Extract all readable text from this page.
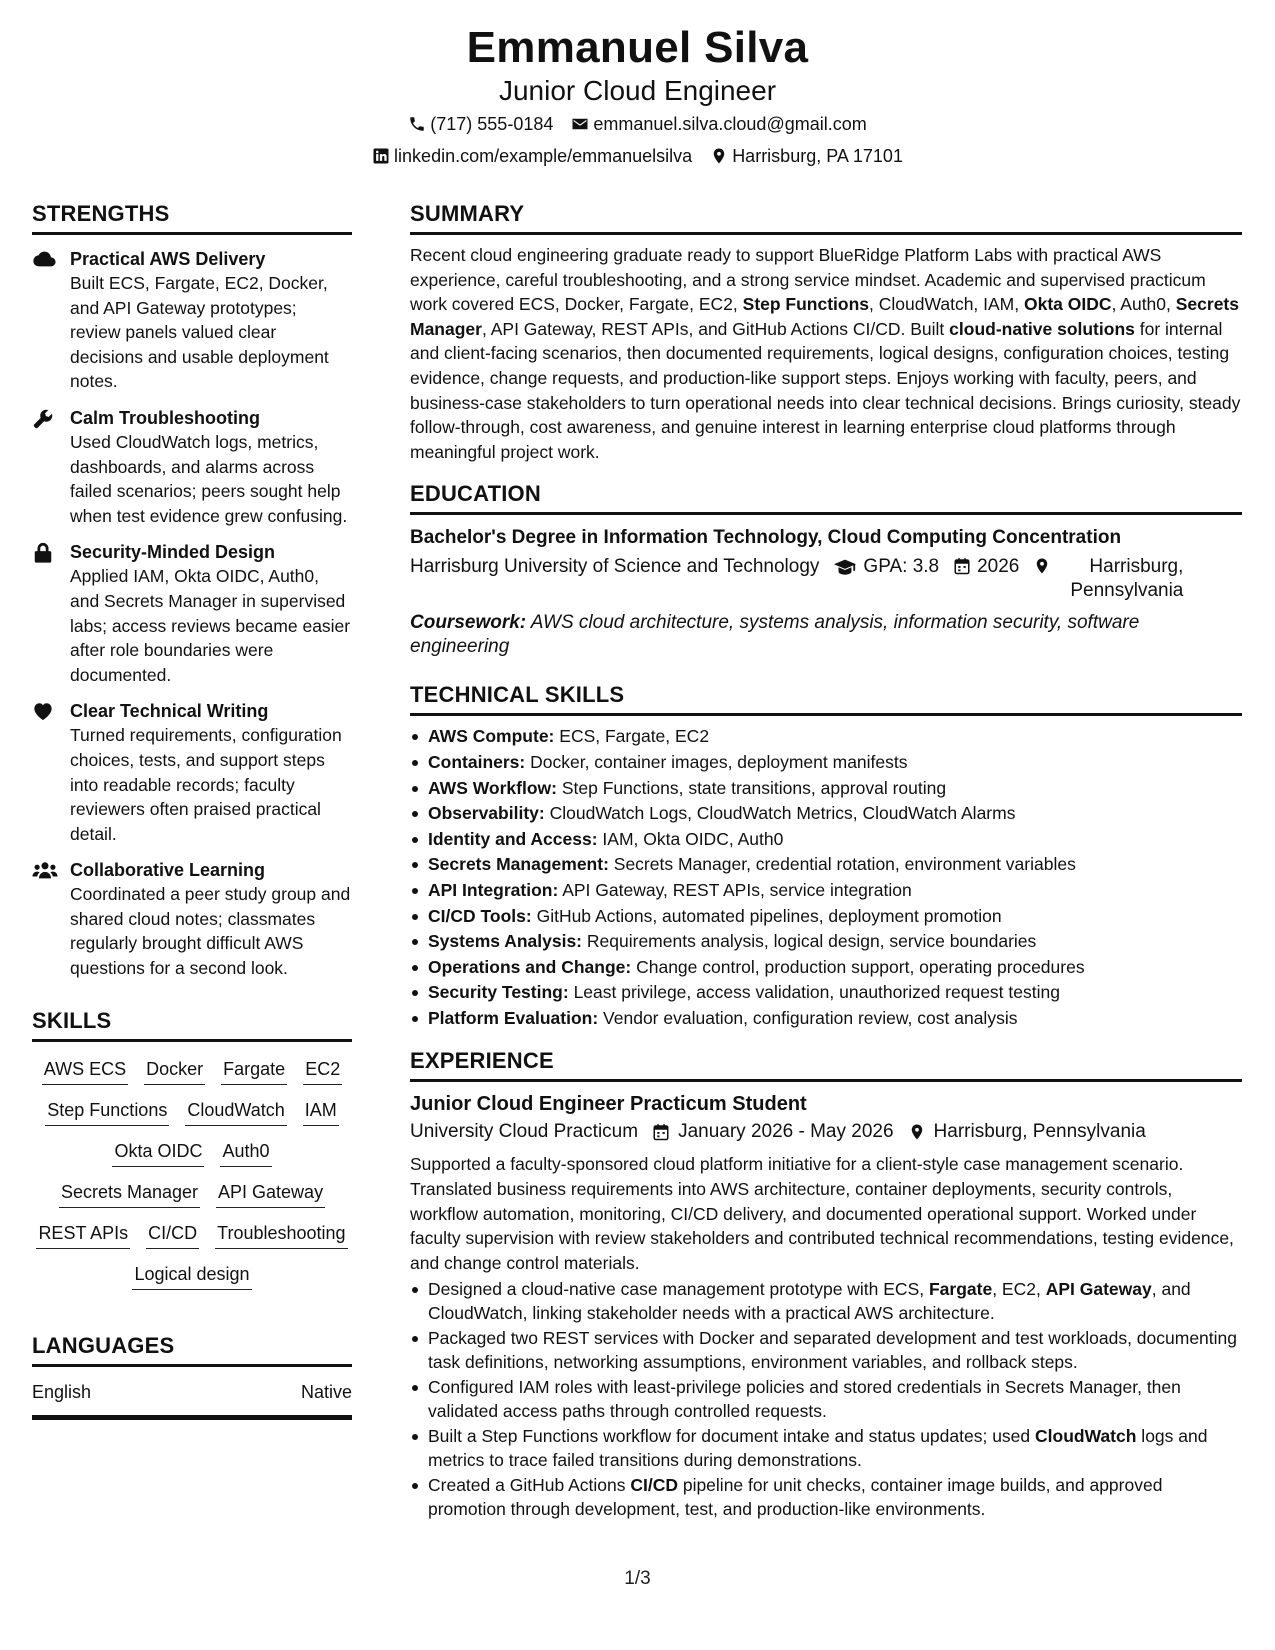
Emmanuel Silva
Junior Cloud Engineer
(717) 555-0184 emmanuel.silva.cloud@gmail.com
linkedin.com/example/emmanuelsilva Harrisburg, PA 17101
STRENGTHS
Practical AWS Delivery
Built ECS, Fargate, EC2, Docker, and API Gateway prototypes; review panels valued clear decisions and usable deployment notes.
Calm Troubleshooting
Used CloudWatch logs, metrics, dashboards, and alarms across failed scenarios; peers sought help when test evidence grew confusing.
Security-Minded Design
Applied IAM, Okta OIDC, Auth0, and Secrets Manager in supervised labs; access reviews became easier after role boundaries were documented.
Clear Technical Writing
Turned requirements, configuration choices, tests, and support steps into readable records; faculty reviewers often praised practical detail.
Collaborative Learning
Coordinated a peer study group and shared cloud notes; classmates regularly brought difficult AWS questions for a second look.
SKILLS
AWS ECS Docker Fargate EC2
Step Functions CloudWatch IAM
Okta OIDC Auth0
Secrets Manager API Gateway
REST APIs CI/CD Troubleshooting
Logical design
LANGUAGES
English	Native
SUMMARY
Recent cloud engineering graduate ready to support BlueRidge Platform Labs with practical AWS experience, careful troubleshooting, and a strong service mindset. Academic and supervised practicum work covered ECS, Docker, Fargate, EC2, Step Functions, CloudWatch, IAM, Okta OIDC, Auth0, Secrets Manager, API Gateway, REST APIs, and GitHub Actions CI/CD. Built cloud-native solutions for internal and client-facing scenarios, then documented requirements, logical designs, configuration choices, testing evidence, change requests, and production-like support steps. Enjoys working with faculty, peers, and business-case stakeholders to turn operational needs into clear technical decisions. Brings curiosity, steady follow-through, cost awareness, and genuine interest in learning enterprise cloud platforms through meaningful project work.
EDUCATION
Bachelor's Degree in Information Technology, Cloud Computing Concentration
Harrisburg University of Science and Technology GPA: 3.8 2026	Harrisburg, Pennsylvania
Coursework: AWS cloud architecture, systems analysis, information security, software engineering
TECHNICAL SKILLS
AWS Compute: ECS, Fargate, EC2
Containers: Docker, container images, deployment manifests
AWS Workflow: Step Functions, state transitions, approval routing
Observability: CloudWatch Logs, CloudWatch Metrics, CloudWatch Alarms
Identity and Access: IAM, Okta OIDC, Auth0
Secrets Management: Secrets Manager, credential rotation, environment variables
API Integration: API Gateway, REST APIs, service integration
CI/CD Tools: GitHub Actions, automated pipelines, deployment promotion
Systems Analysis: Requirements analysis, logical design, service boundaries
Operations and Change: Change control, production support, operating procedures
Security Testing: Least privilege, access validation, unauthorized request testing
Platform Evaluation: Vendor evaluation, configuration review, cost analysis
EXPERIENCE
Junior Cloud Engineer Practicum Student
University Cloud Practicum January 2026 - May 2026 Harrisburg, Pennsylvania
Supported a faculty-sponsored cloud platform initiative for a client-style case management scenario. Translated business requirements into AWS architecture, container deployments, security controls, workflow automation, monitoring, CI/CD delivery, and documented operational support. Worked under faculty supervision with review stakeholders and contributed technical recommendations, testing evidence, and change control materials.
Designed a cloud-native case management prototype with ECS, Fargate, EC2, API Gateway, and CloudWatch, linking stakeholder needs with a practical AWS architecture.
Packaged two REST services with Docker and separated development and test workloads, documenting task definitions, networking assumptions, environment variables, and rollback steps.
Configured IAM roles with least-privilege policies and stored credentials in Secrets Manager, then validated access paths through controlled requests.
Built a Step Functions workflow for document intake and status updates; used CloudWatch logs and metrics to trace failed transitions during demonstrations.
Created a GitHub Actions CI/CD pipeline for unit checks, container image builds, and approved promotion through development, test, and production-like environments.
1/3
